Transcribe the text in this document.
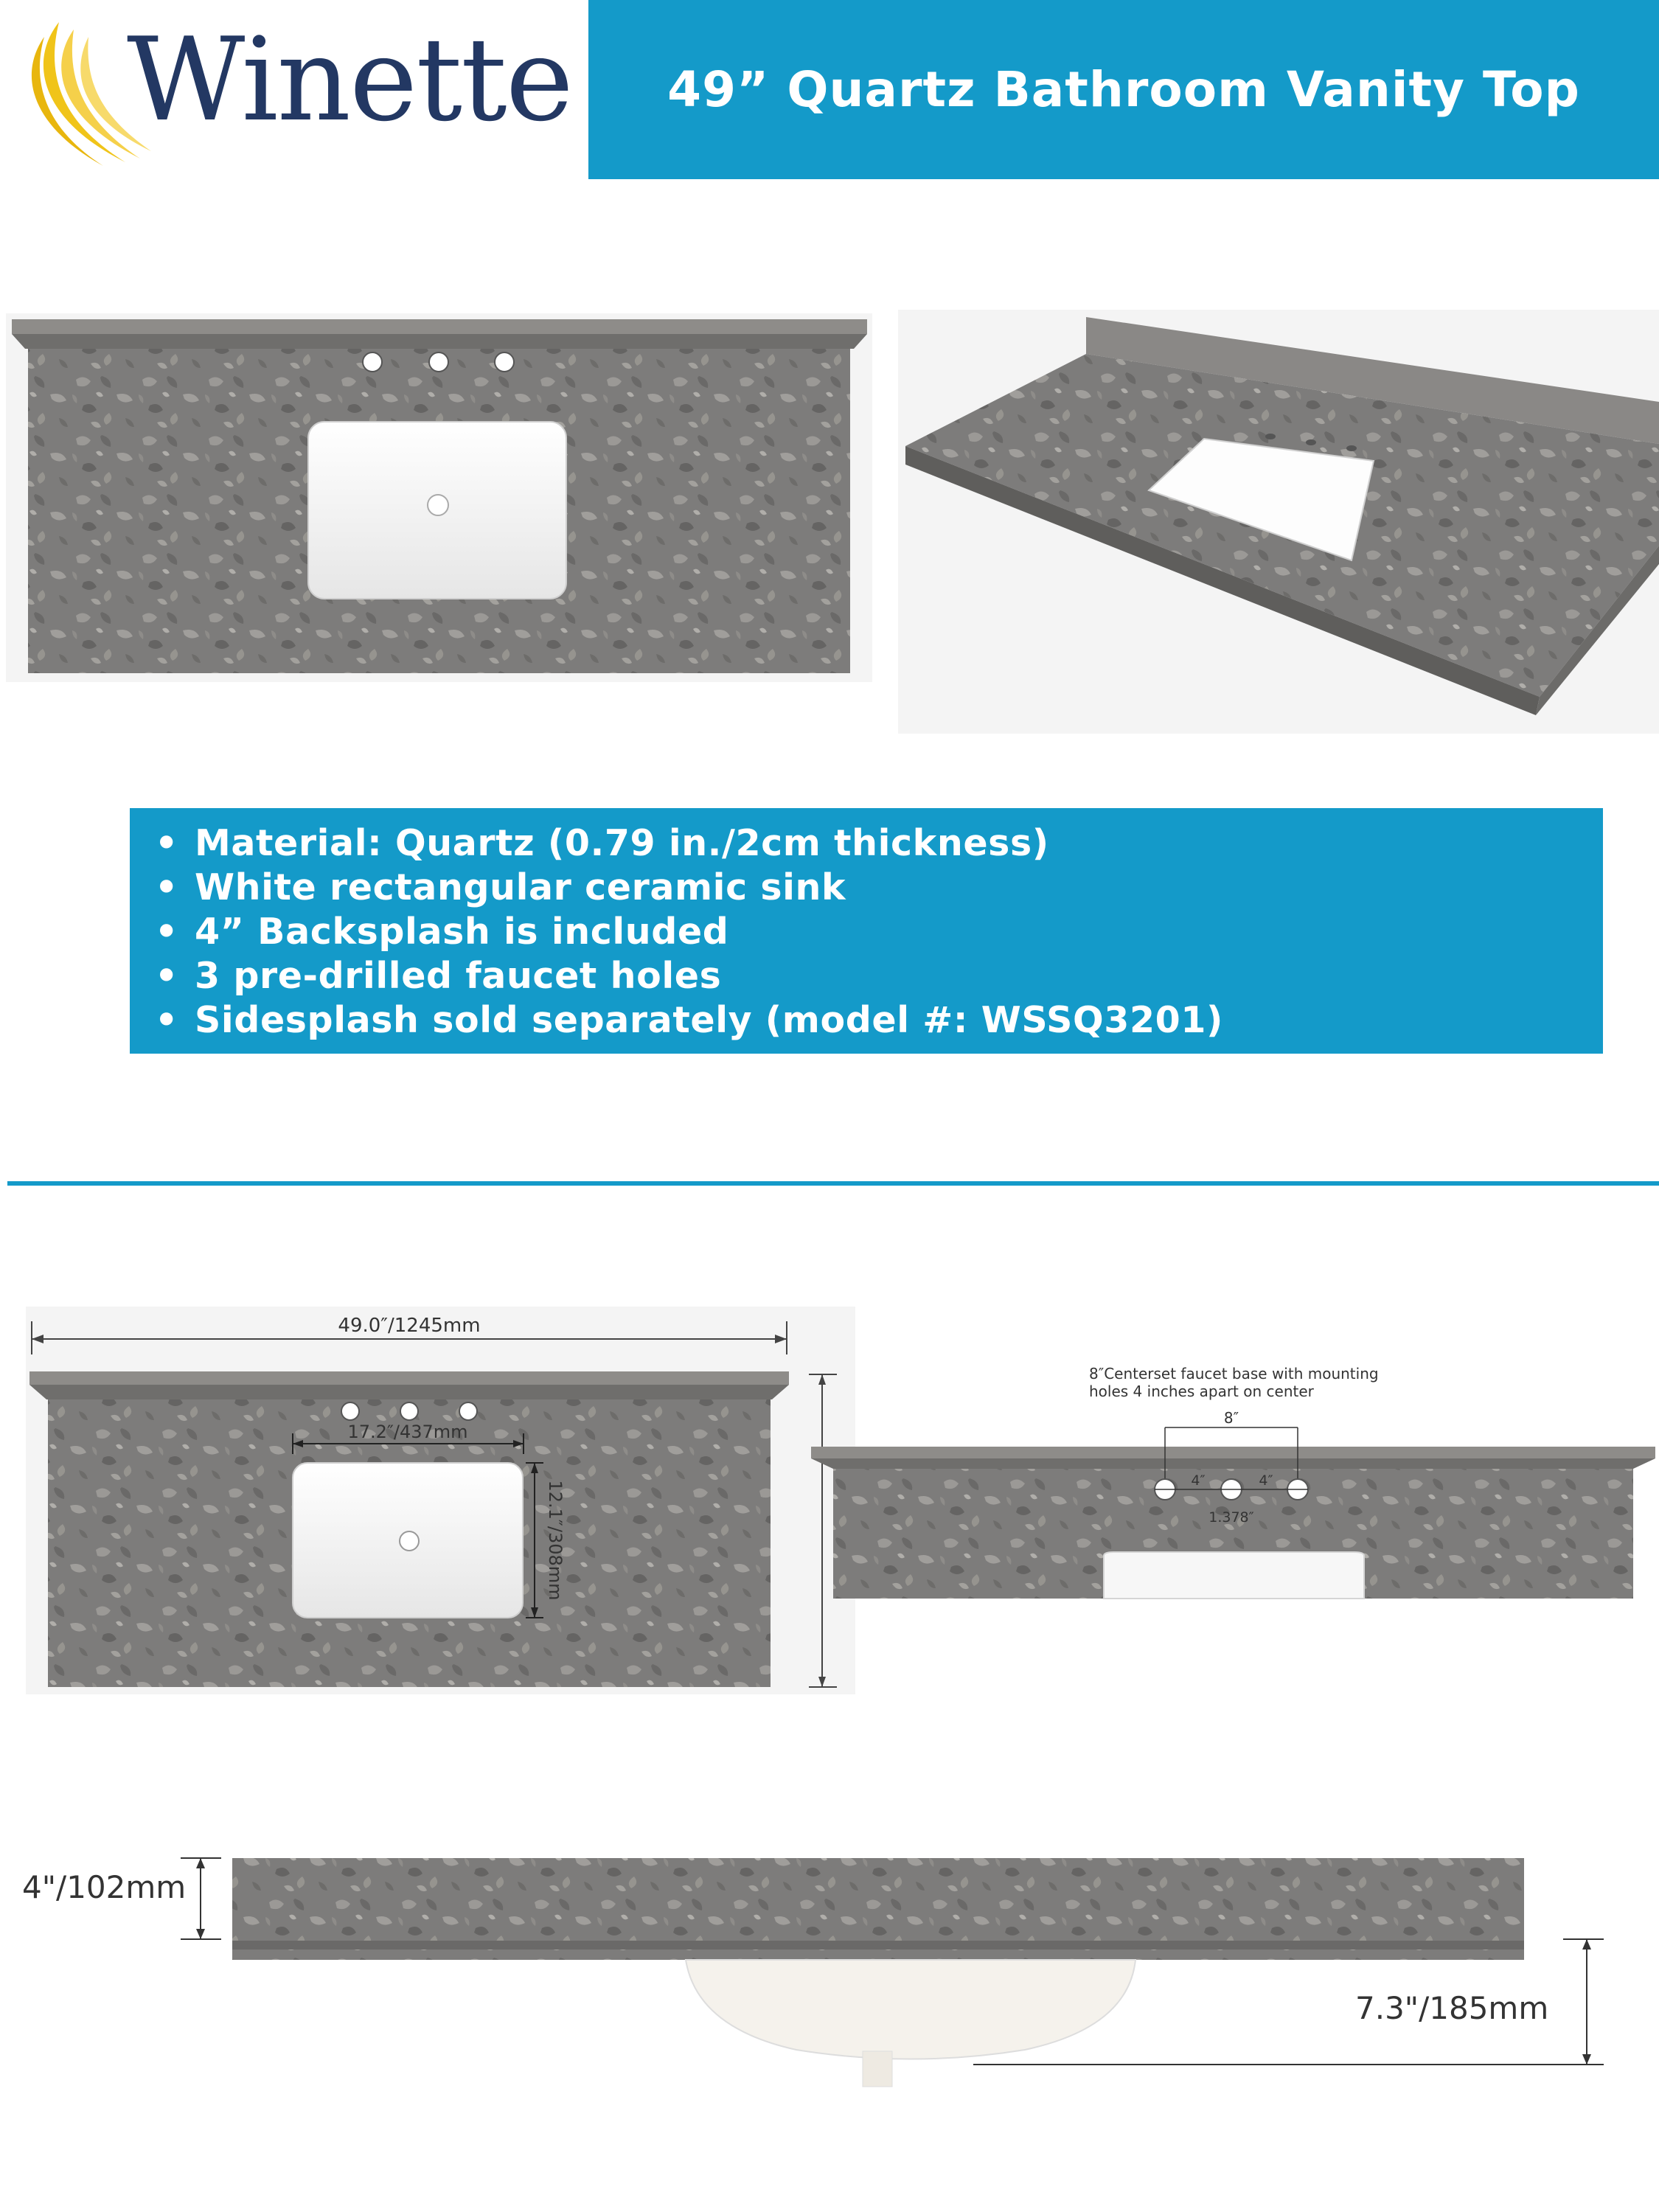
Winette 49” Quartz Bathroom Vanity Top
• Material: Quartz (0.79 in./2cm thickness)
• White rectangular ceramic sink
• 4” Backsplash is included
• 3 pre-drilled faucet holes
• Sidesplash sold separately (model #: WSSQ3201)
49.0″/1245mm
17.2″/437mm
12.1″/308mm
8″Centerset faucet base with mounting
holes 4 inches apart on center
8″
4″	4″
1.378″
4"/102mm
7.3"/185mm
